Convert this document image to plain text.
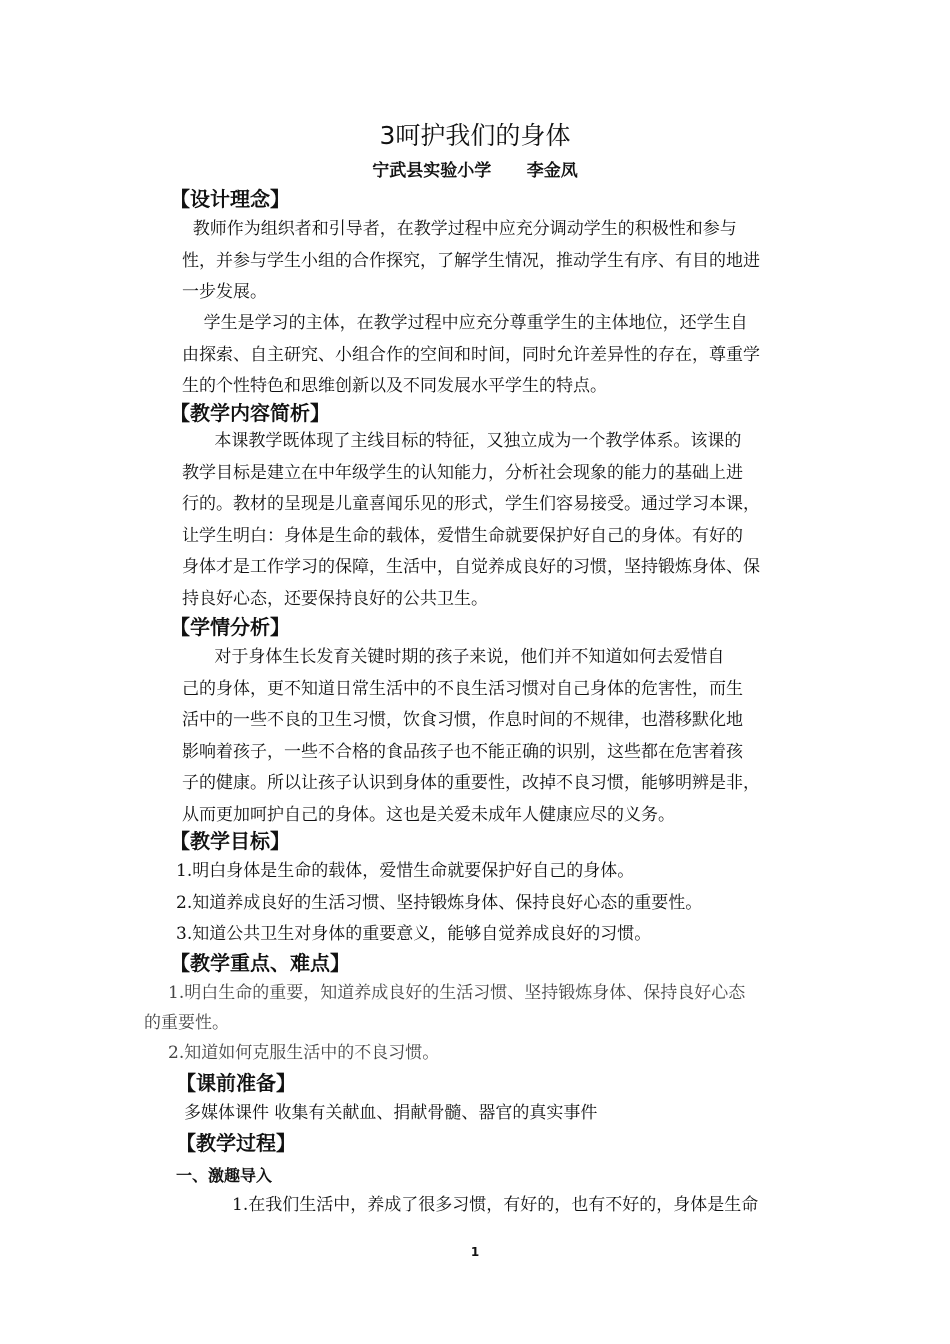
3呵护我们的身体
宁武县实验小学      李金凤
【设计理念】
教师作为组织者和引导者，在教学过程中应充分调动学生的积极性和参与
性，并参与学生小组的合作探究，了解学生情况，推动学生有序、有目的地进
一步发展。
学生是学习的主体，在教学过程中应充分尊重学生的主体地位，还学生自
由探索、自主研究、小组合作的空间和时间，同时允许差异性的存在，尊重学
生的个性特色和思维创新以及不同发展水平学生的特点。
【教学内容简析】
本课教学既体现了主线目标的特征，又独立成为一个教学体系。该课的
教学目标是建立在中年级学生的认知能力，分析社会现象的能力的基础上进
行的。教材的呈现是儿童喜闻乐见的形式，学生们容易接受。通过学习本课，
让学生明白：身体是生命的载体，爱惜生命就要保护好自己的身体。有好的
身体才是工作学习的保障，生活中，自觉养成良好的习惯，坚持锻炼身体、保
持良好心态，还要保持良好的公共卫生。
【学情分析】
对于身体生长发育关键时期的孩子来说，他们并不知道如何去爱惜自
己的身体，更不知道日常生活中的不良生活习惯对自己身体的危害性，而生
活中的一些不良的卫生习惯，饮食习惯，作息时间的不规律，也潜移默化地
影响着孩子，一些不合格的食品孩子也不能正确的识别，这些都在危害着孩
子的健康。所以让孩子认识到身体的重要性，改掉不良习惯，能够明辨是非，
从而更加呵护自己的身体。这也是关爱未成年人健康应尽的义务。
【教学目标】
1.明白身体是生命的载体，爱惜生命就要保护好自己的身体。
2.知道养成良好的生活习惯、坚持锻炼身体、保持良好心态的重要性。
3.知道公共卫生对身体的重要意义，能够自觉养成良好的习惯。
【教学重点、难点】
1.明白生命的重要，知道养成良好的生活习惯、坚持锻炼身体、保持良好心态
的重要性。
2.知道如何克服生活中的不良习惯。
【课前准备】
多媒体课件 收集有关献血、捐献骨髓、器官的真实事件
【教学过程】
一、激趣导入
1.在我们生活中，养成了很多习惯，有好的，也有不好的，身体是生命
1
